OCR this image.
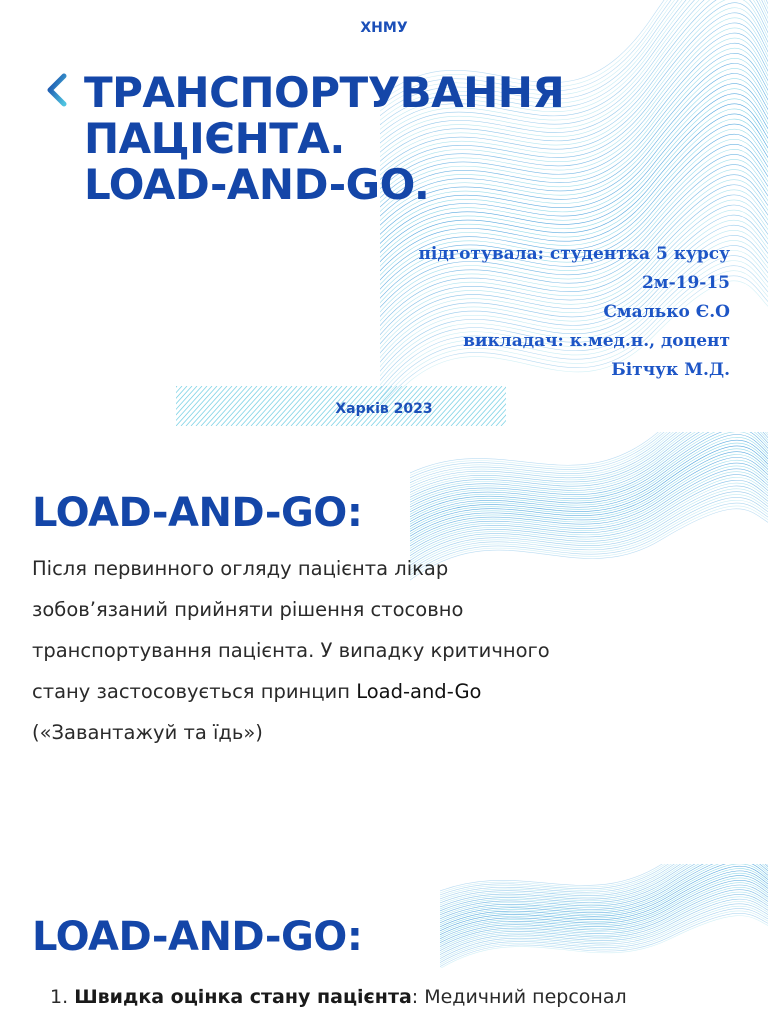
ХНМУ
ТРАНСПОРТУВАННЯ
ПАЦІЄНТА.
LOAD-AND-GO.
підготувала: студентка 5 курсу
2м-19-15
Смалько Є.О
викладач: к.мед.н., доцент
Бітчук М.Д.
Харків 2023
LOAD-AND-GO:
Після первинного огляду пацієнта лікар
зобов’язаний прийняти рішення стосовно
транспортування пацієнта. У випадку критичного
стану застосовується принцип Load-and-Go
(«Завантажуй та їдь»)
LOAD-AND-GO:
1. Швидка оцінка стану пацієнта: Медичний персонал
